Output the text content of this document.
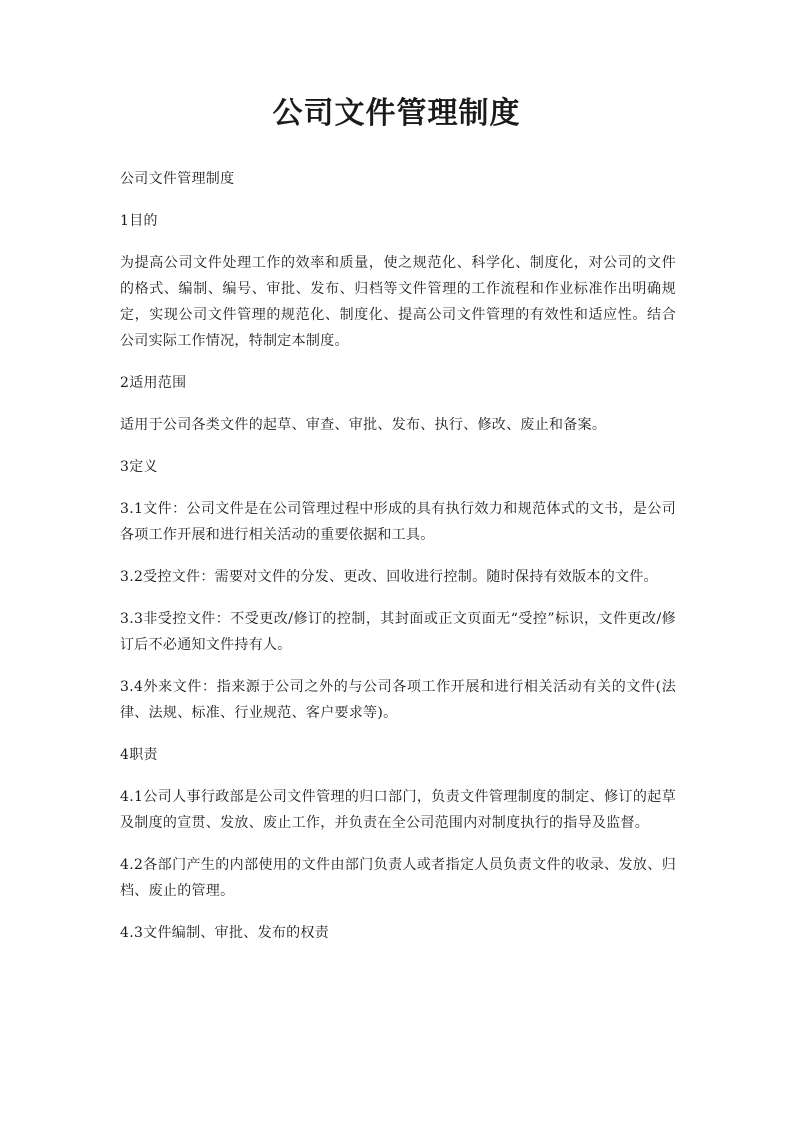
公司文件管理制度

公司文件管理制度

1目的

为提高公司文件处理工作的效率和质量，使之规范化、科学化、制度化，对公司的文件的格式、编制、编号、审批、发布、归档等文件管理的工作流程和作业标准作出明确规定，实现公司文件管理的规范化、制度化、提高公司文件管理的有效性和适应性。结合公司实际工作情况，特制定本制度。

2适用范围

适用于公司各类文件的起草、审查、审批、发布、执行、修改、废止和备案。

3定义

3.1文件：公司文件是在公司管理过程中形成的具有执行效力和规范体式的文书，是公司各项工作开展和进行相关活动的重要依据和工具。

3.2受控文件：需要对文件的分发、更改、回收进行控制。随时保持有效版本的文件。

3.3非受控文件：不受更改/修订的控制，其封面或正文页面无“受控”标识，文件更改/修订后不必通知文件持有人。

3.4外来文件：指来源于公司之外的与公司各项工作开展和进行相关活动有关的文件(法律、法规、标准、行业规范、客户要求等)。

4职责

4.1公司人事行政部是公司文件管理的归口部门，负责文件管理制度的制定、修订的起草及制度的宣贯、发放、废止工作，并负责在全公司范围内对制度执行的指导及监督。

4.2各部门产生的内部使用的文件由部门负责人或者指定人员负责文件的收录、发放、归档、废止的管理。

4.3文件编制、审批、发布的权责
